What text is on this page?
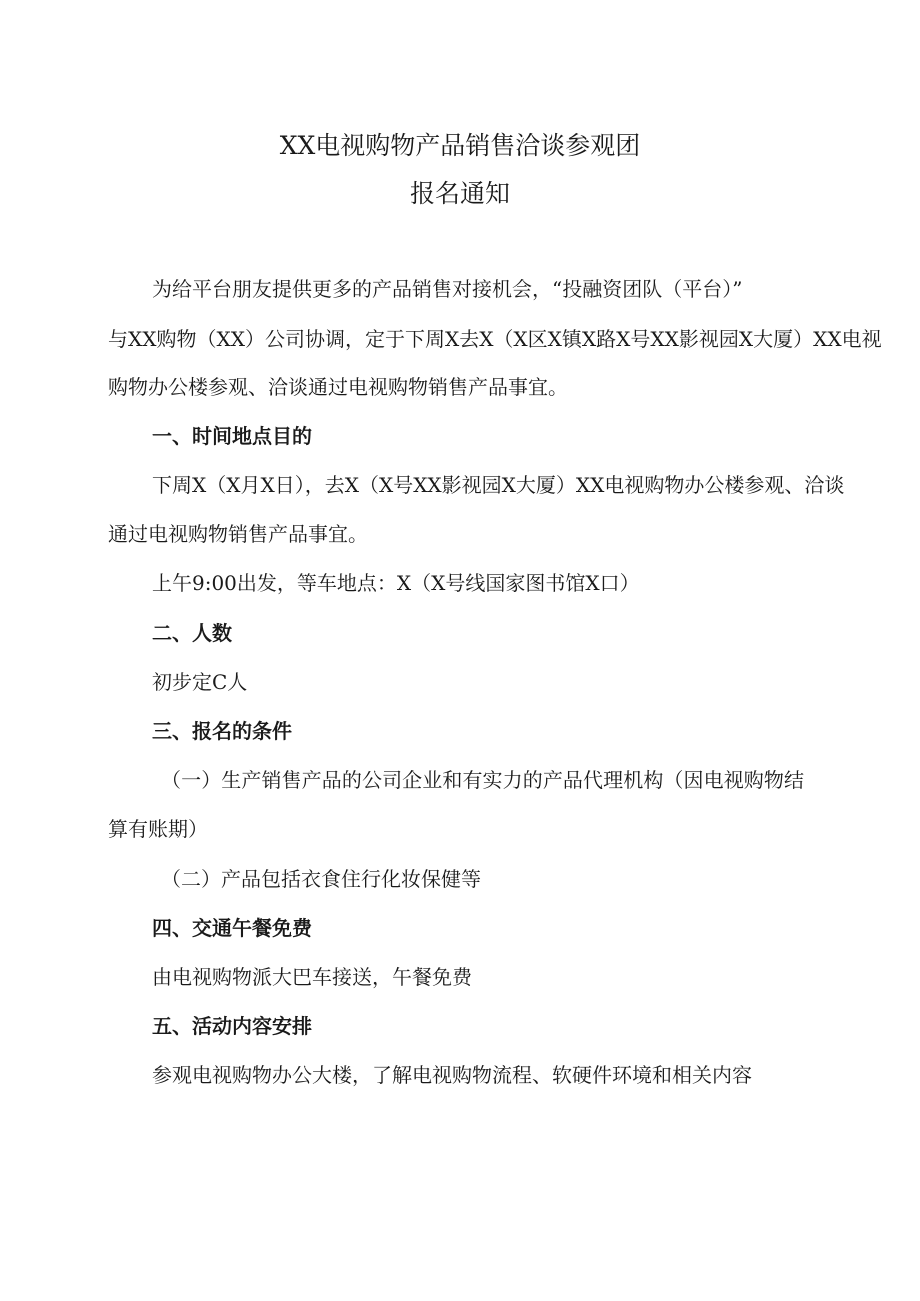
XX电视购物产品销售洽谈参观团
报名通知
为给平台朋友提供更多的产品销售对接机会，“投融资团队（平台）”
与XX购物（XX）公司协调，定于下周X去X（X区X镇X路X号XX影视园X大厦）XX电视
购物办公楼参观、洽谈通过电视购物销售产品事宜。
一、时间地点目的
下周X（X月X日），去X（X号XX影视园X大厦）XX电视购物办公楼参观、洽谈
通过电视购物销售产品事宜。
上午9:00出发，等车地点：X（X号线国家图书馆X口）
二、人数
初步定C人
三、报名的条件
（一）生产销售产品的公司企业和有实力的产品代理机构（因电视购物结
算有账期）
（二）产品包括衣食住行化妆保健等
四、交通午餐免费
由电视购物派大巴车接送，午餐免费
五、活动内容安排
参观电视购物办公大楼，了解电视购物流程、软硬件环境和相关内容
